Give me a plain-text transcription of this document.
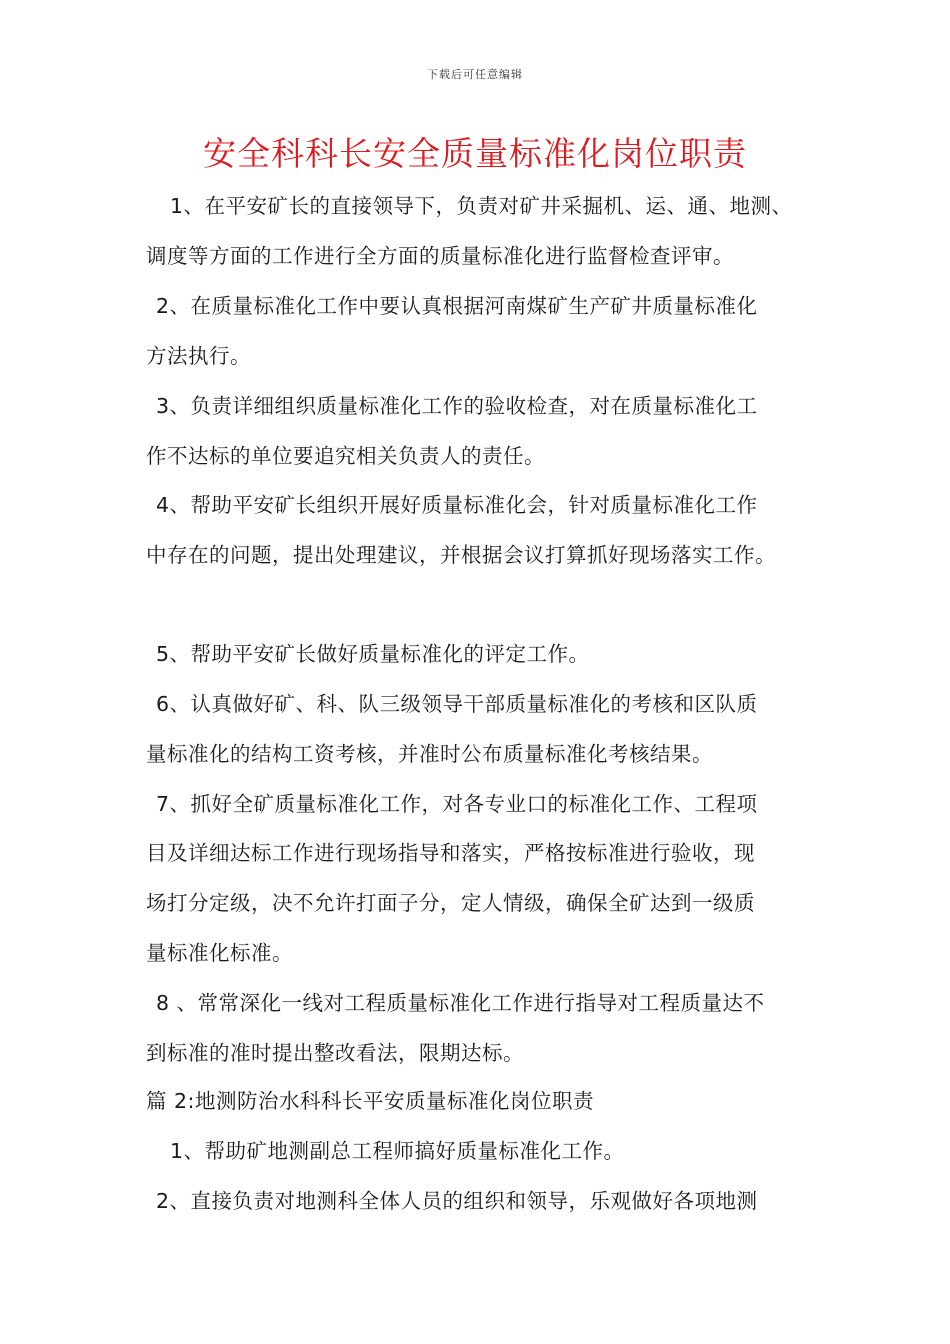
下载后可任意编辑
安全科科长安全质量标准化岗位职责
1、在平安矿长的直接领导下，负责对矿井采掘机、运、通、地测、
调度等方面的工作进行全方面的质量标准化进行监督检查评审。
2、在质量标准化工作中要认真根据河南煤矿生产矿井质量标准化
方法执行。
3、负责详细组织质量标准化工作的验收检查，对在质量标准化工
作不达标的单位要追究相关负责人的责任。
4、帮助平安矿长组织开展好质量标准化会，针对质量标准化工作
中存在的问题，提出处理建议，并根据会议打算抓好现场落实工作。
5、帮助平安矿长做好质量标准化的评定工作。
6、认真做好矿、科、队三级领导干部质量标准化的考核和区队质
量标准化的结构工资考核，并准时公布质量标准化考核结果。
7、抓好全矿质量标准化工作，对各专业口的标准化工作、工程项
目及详细达标工作进行现场指导和落实，严格按标准进行验收，现
场打分定级，决不允许打面子分，定人情级，确保全矿达到一级质
量标准化标准。
8 、常常深化一线对工程质量标准化工作进行指导对工程质量达不
到标准的准时提出整改看法，限期达标。
篇 2:地测防治水科科长平安质量标准化岗位职责
1、帮助矿地测副总工程师搞好质量标准化工作。
2、直接负责对地测科全体人员的组织和领导，乐观做好各项地测
